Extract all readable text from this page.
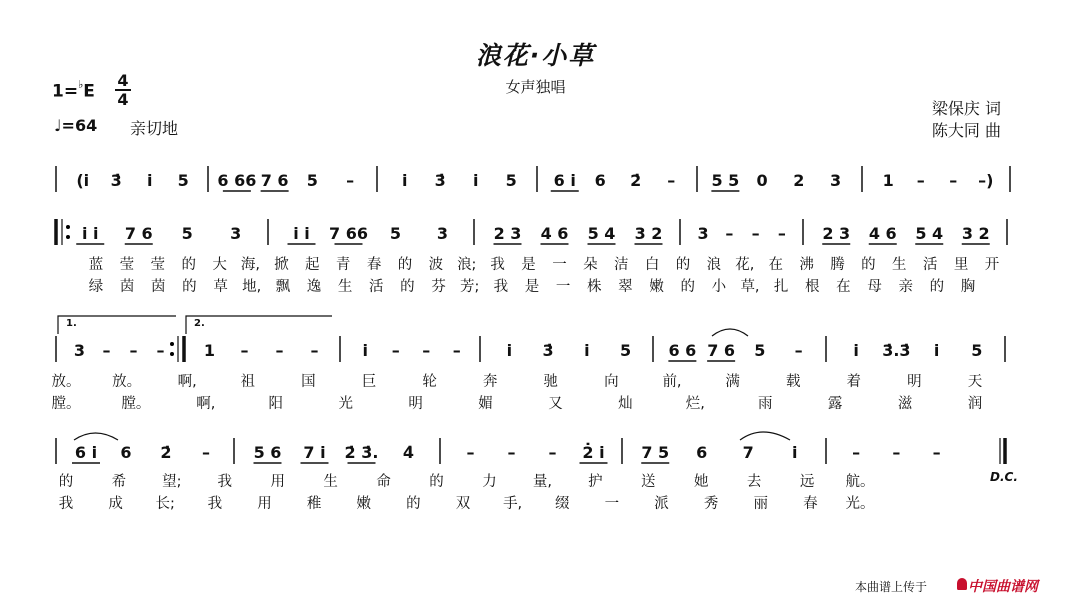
浪花·小草
女声独唱
1=♭E
4
4
♩=64 亲切地
梁保庆 词
陈大同 曲
(i 3̇ i 5 6 66 7 6 5 –	i 3̇ i 5 6 i 6 2̇ – 5 5 0 2 3	1 – – –)
i i 7 6 5 3	i i 7 66 5 3	2 3 4 6 5 4 3 2 3 – – – 2 3 4 6 5 4 3 2
3 – – – 1 – – –	i – – –	i 3̇ i 5 6 6 7 6 5 –	i 3̇.3̇ i 5
1.	2.
6 i 6 2̇ –	5 6 7 i 2̇ 3̇. 4̇	– – – 2̇ i 7 5 6 7 i	– – –
蓝 莹 莹 的 大 海, 掀 起 青 春 的 波 浪; 我 是 一 朵 洁 白 的 浪 花, 在 沸 腾 的 生 活 里 开
绿 茵 茵 的 草 地, 飘 逸 生 活 的 芬 芳; 我 是 一 株 翠 嫩 的 小 草, 扎 根 在 母 亲 的 胸
放。 放。	啊,	祖	国	巨	轮	奔	驰	向	前,	满	载	着	明	天
膛。	膛。	啊,	阳	光	明	媚	又	灿	烂,	雨	露	滋	润
的	希 望; 我	用	生	命	的	力 量, 护	送	她	去	远 航。
我 成 长; 我 用 稚 嫩 的 双 手, 缀 一 派 秀 丽 春 光。
D.C.
本曲谱上传于	中国曲谱网
